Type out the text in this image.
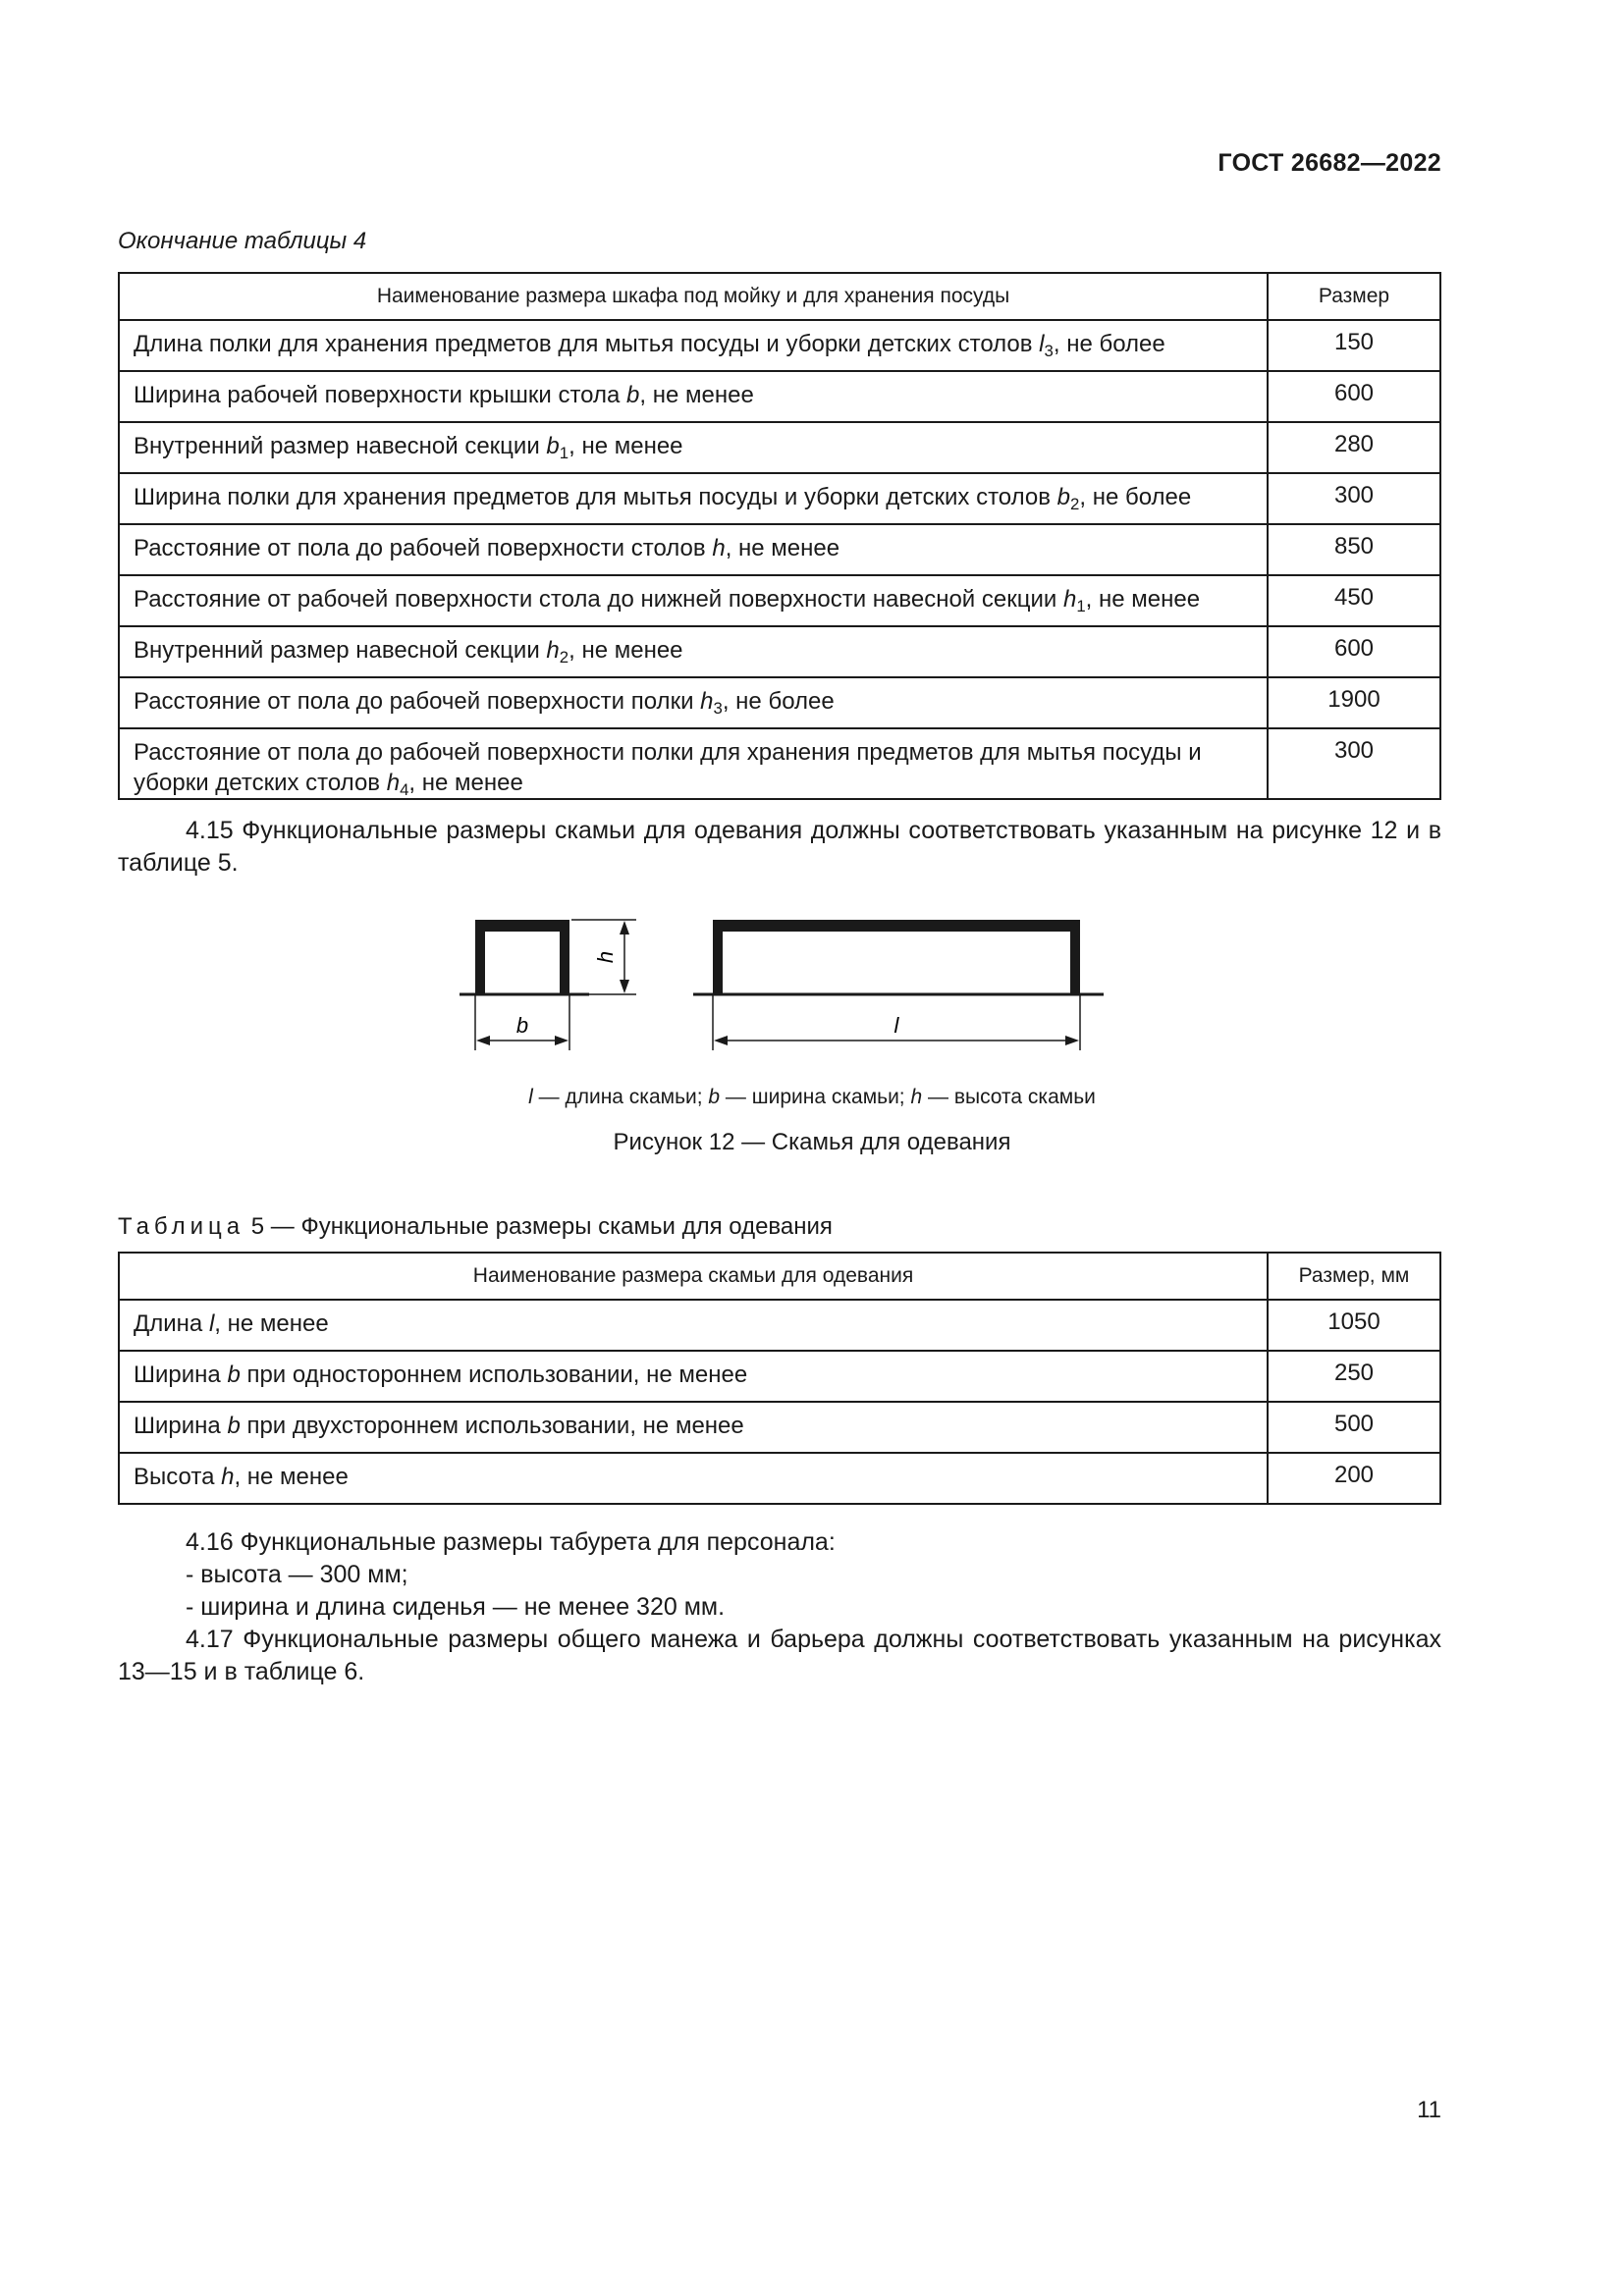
ГОСТ 26682—2022
Окончание таблицы 4
Наименование размера шкафа под мойку и для хранения посуды	Размер
Длина полки для хранения предметов для мытья посуды и уборки детских столов $l_3$, не более	150
Ширина рабочей поверхности крышки стола b, не менее	600
Внутренний размер навесной секции $b_1$, не менее	280
Ширина полки для хранения предметов для мытья посуды и уборки детских столов $b_2$, не более	300
Расстояние от пола до рабочей поверхности столов h, не менее	850
Расстояние от рабочей поверхности стола до нижней поверхности навесной секции $h_1$, не менее	450
Внутренний размер навесной секции $h_2$, не менее	600
Расстояние от пола до рабочей поверхности полки $h_3$, не более	1900
Расстояние от пола до рабочей поверхности полки для хранения предметов для мытья посуды и уборки детских столов $h_4$, не менее	300
4.15 Функциональные размеры скамьи для одевания должны соответствовать указанным на рисунке 12 и в таблице 5.
h
b	l
l — длина скамьи; b — ширина скамьи; h — высота скамьи
Рисунок 12 — Скамья для одевания
Таблица 5 — Функциональные размеры скамьи для одевания
Наименование размера скамьи для одевания	Размер, мм
Длина l, не менее	1050
Ширина b при одностороннем использовании, не менее	250
Ширина b при двухстороннем использовании, не менее	500
Высота h, не менее	200
4.16 Функциональные размеры табурета для персонала:
- высота — 300 мм;
- ширина и длина сиденья — не менее 320 мм.
4.17 Функциональные размеры общего манежа и барьера должны соответствовать указанным на рисунках 13—15 и в таблице 6.
11
